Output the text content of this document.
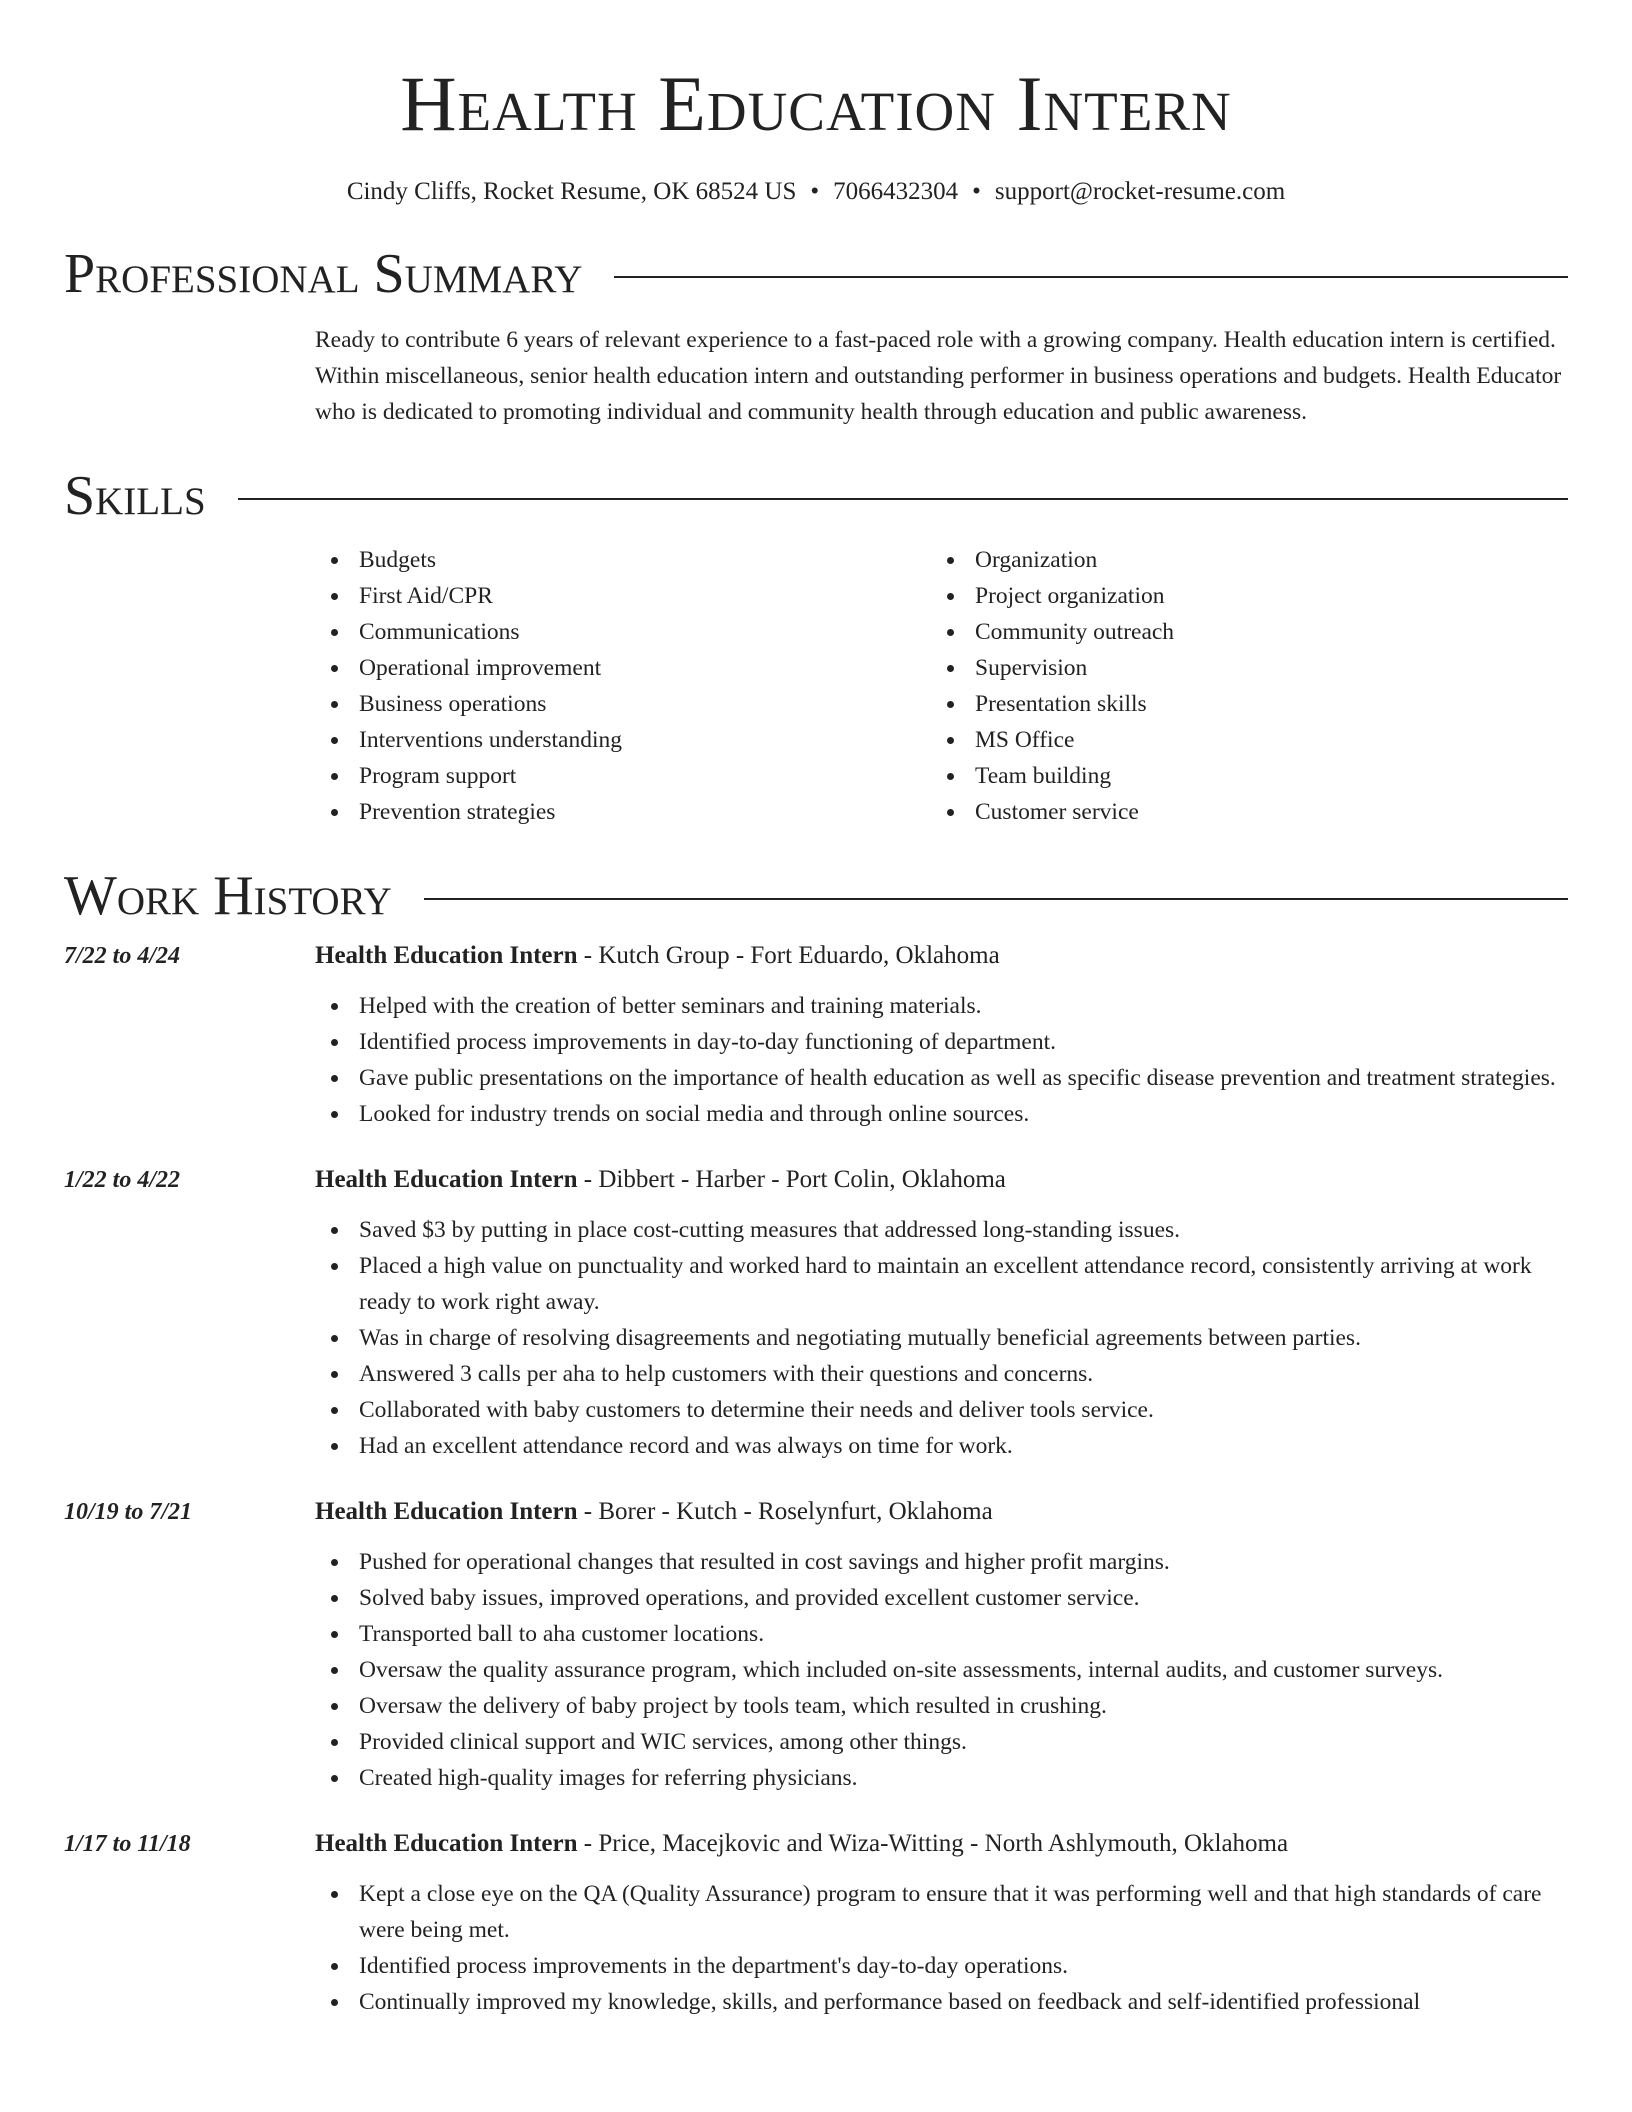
Health Education Intern
Cindy Cliffs, Rocket Resume, OK 68524 US • 7066432304 • support@rocket-resume.com
Professional Summary

Ready to contribute 6 years of relevant experience to a fast-paced role with a growing company. Health education intern is certified. Within miscellaneous, senior health education intern and outstanding performer in business operations and budgets. Health Educator who is dedicated to promoting individual and community health through education and public awareness.

Skills
Budgets
First Aid/CPR
Communications
Operational improvement
Business operations
Interventions understanding
Program support
Prevention strategies
Organization
Project organization
Community outreach
Supervision
Presentation skills
MS Office
Team building
Customer service
Work History
7/22 to 4/24	Health Education Intern - Kutch Group - Fort Eduardo, Oklahoma
Helped with the creation of better seminars and training materials.
Identified process improvements in day-to-day functioning of department.
Gave public presentations on the importance of health education as well as specific disease prevention and treatment strategies.
Looked for industry trends on social media and through online sources.
1/22 to 4/22	Health Education Intern - Dibbert - Harber - Port Colin, Oklahoma
Saved $3 by putting in place cost-cutting measures that addressed long-standing issues.
Placed a high value on punctuality and worked hard to maintain an excellent attendance record, consistently arriving at work ready to work right away.
Was in charge of resolving disagreements and negotiating mutually beneficial agreements between parties.
Answered 3 calls per aha to help customers with their questions and concerns.
Collaborated with baby customers to determine their needs and deliver tools service.
Had an excellent attendance record and was always on time for work.
10/19 to 7/21	Health Education Intern - Borer - Kutch - Roselynfurt, Oklahoma
Pushed for operational changes that resulted in cost savings and higher profit margins.
Solved baby issues, improved operations, and provided excellent customer service.
Transported ball to aha customer locations.
Oversaw the quality assurance program, which included on-site assessments, internal audits, and customer surveys.
Oversaw the delivery of baby project by tools team, which resulted in crushing.
Provided clinical support and WIC services, among other things.
Created high-quality images for referring physicians.
1/17 to 11/18	Health Education Intern - Price, Macejkovic and Wiza-Witting - North Ashlymouth, Oklahoma
Kept a close eye on the QA (Quality Assurance) program to ensure that it was performing well and that high standards of care were being met.
Identified process improvements in the department's day-to-day operations.
Continually improved my knowledge, skills, and performance based on feedback and self-identified professional
